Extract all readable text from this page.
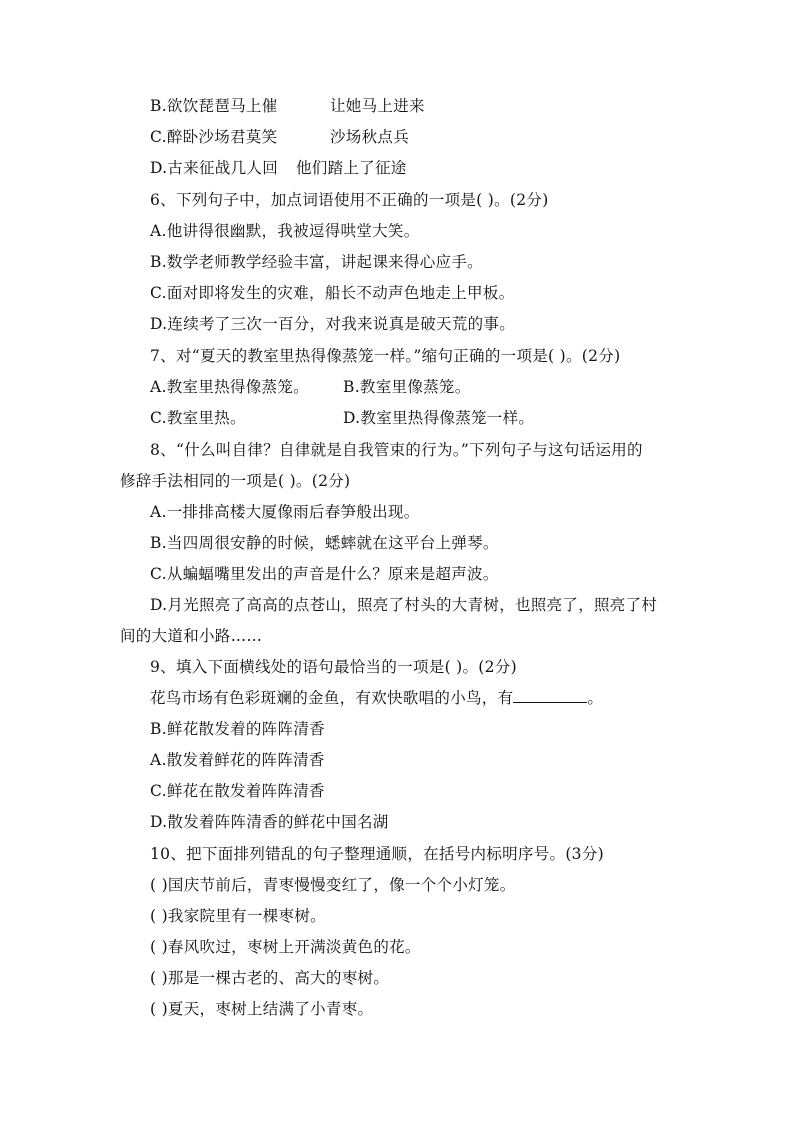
B.欲饮琵琶马上催	让她马上进来
C.醉卧沙场君莫笑	沙场秋点兵
D.古来征战几人回 他们踏上了征途
6、下列句子中，加点词语使用不正确的一项是( )。(2分)
A.他讲得很幽默，我被逗得哄堂大笑。
B.数学老师教学经验丰富，讲起课来得心应手。
C.面对即将发生的灾难，船长不动声色地走上甲板。
D.连续考了三次一百分，对我来说真是破天荒的事。
7、对“夏天的教室里热得像蒸笼一样。”缩句正确的一项是( )。(2分)
A.教室里热得像蒸笼。 B.教室里像蒸笼。
C.教室里热。	D.教室里热得像蒸笼一样。
8、“什么叫自律？自律就是自我管束的行为。”下列句子与这句话运用的
修辞手法相同的一项是( )。(2分)
A.一排排高楼大厦像雨后春笋般出现。
B.当四周很安静的时候，蟋蟀就在这平台上弹琴。
C.从蝙蝠嘴里发出的声音是什么？原来是超声波。
D.月光照亮了高高的点苍山，照亮了村头的大青树，也照亮了，照亮了村
间的大道和小路……
9、填入下面横线处的语句最恰当的一项是( )。(2分)
花鸟市场有色彩斑斓的金鱼，有欢快歌唱的小鸟，有	。
B.鲜花散发着的阵阵清香
A.散发着鲜花的阵阵清香
C.鲜花在散发着阵阵清香
D.散发着阵阵清香的鲜花中国名湖
10、把下面排列错乱的句子整理通顺，在括号内标明序号。(3分)
( )国庆节前后，青枣慢慢变红了，像一个个小灯笼。
( )我家院里有一棵枣树。
( )春风吹过，枣树上开满淡黄色的花。
( )那是一棵古老的、高大的枣树。
( )夏天，枣树上结满了小青枣。
